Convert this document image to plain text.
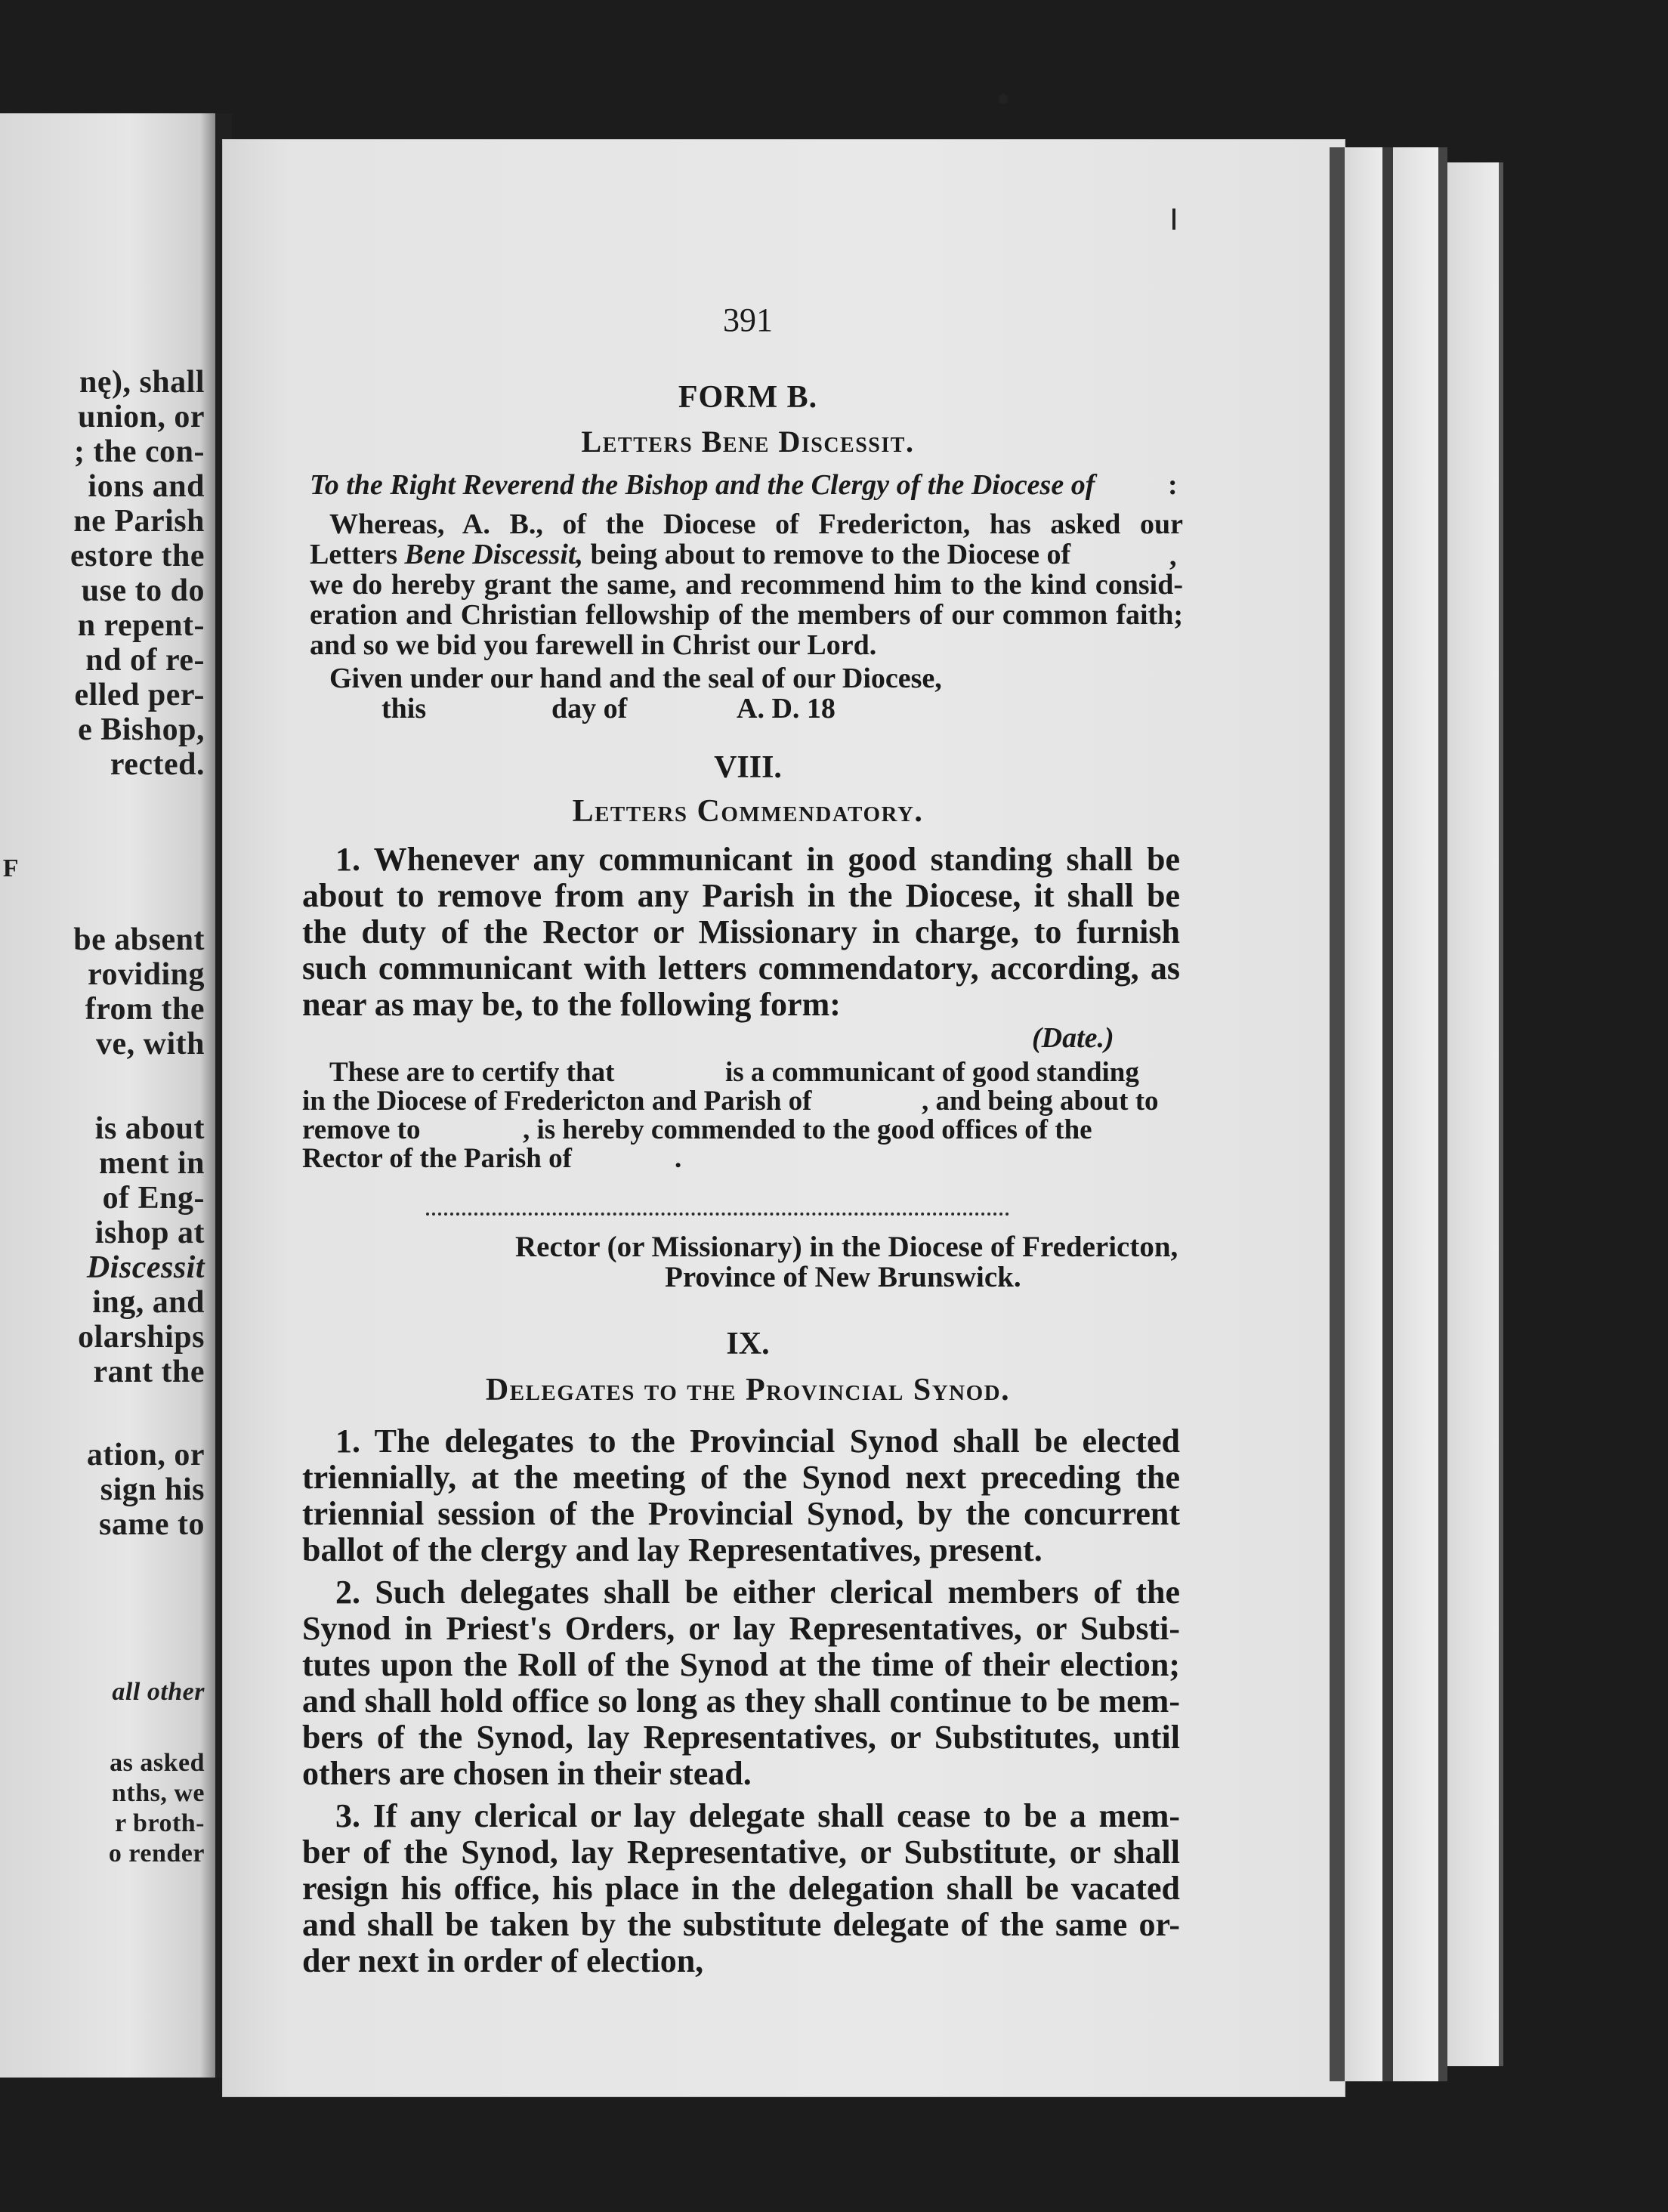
nę), shall
union, or
; the con-
ions and
ne Parish
estore the
use to do
n repent-
nd of re-
elled per-
e Bishop,
rected.
F
be absent
roviding
from the
ve, with
is about
ment in
of Eng-
ishop at
Discessit
ing, and
olarships
rant the
ation, or
sign his
same to
all other
as asked
nths, we
r broth-
o render
391
FORM B.
Letters Bene Discessit.
To the Right Reverend the Bishop and the Clergy of the Diocese of	:
Whereas, A. B., of the Diocese of Fredericton, has asked our
Letters Bene Discessit, being about to remove to the Diocese of	,
we do hereby grant the same, and recommend him to the kind consid-
eration and Christian fellowship of the members of our common faith;
and so we bid you farewell in Christ our Lord.
Given under our hand and the seal of our Diocese,
this	day of	A. D. 18
VIII.
Letters Commendatory.
1. Whenever any communicant in good standing shall be
about to remove from any Parish in the Diocese, it shall be
the duty of the Rector or Missionary in charge, to furnish
such communicant with letters commendatory, according, as
near as may be, to the following form:
(Date.)
These are to certify that	is a communicant of good standing
in the Diocese of Fredericton and Parish of	, and being about to
remove to	, is hereby commended to the good offices of the
Rector of the Parish of	.
Rector (or Missionary) in the Diocese of Fredericton,
Province of New Brunswick.
IX.
Delegates to the Provincial Synod.
1. The delegates to the Provincial Synod shall be elected
triennially, at the meeting of the Synod next preceding the
triennial session of the Provincial Synod, by the concurrent
ballot of the clergy and lay Representatives, present.
2. Such delegates shall be either clerical members of the
Synod in Priest's Orders, or lay Representatives, or Substi-
tutes upon the Roll of the Synod at the time of their election;
and shall hold office so long as they shall continue to be mem-
bers of the Synod, lay Representatives, or Substitutes, until
others are chosen in their stead.
3. If any clerical or lay delegate shall cease to be a mem-
ber of the Synod, lay Representative, or Substitute, or shall
resign his office, his place in the delegation shall be vacated
and shall be taken by the substitute delegate of the same or-
der next in order of election,
